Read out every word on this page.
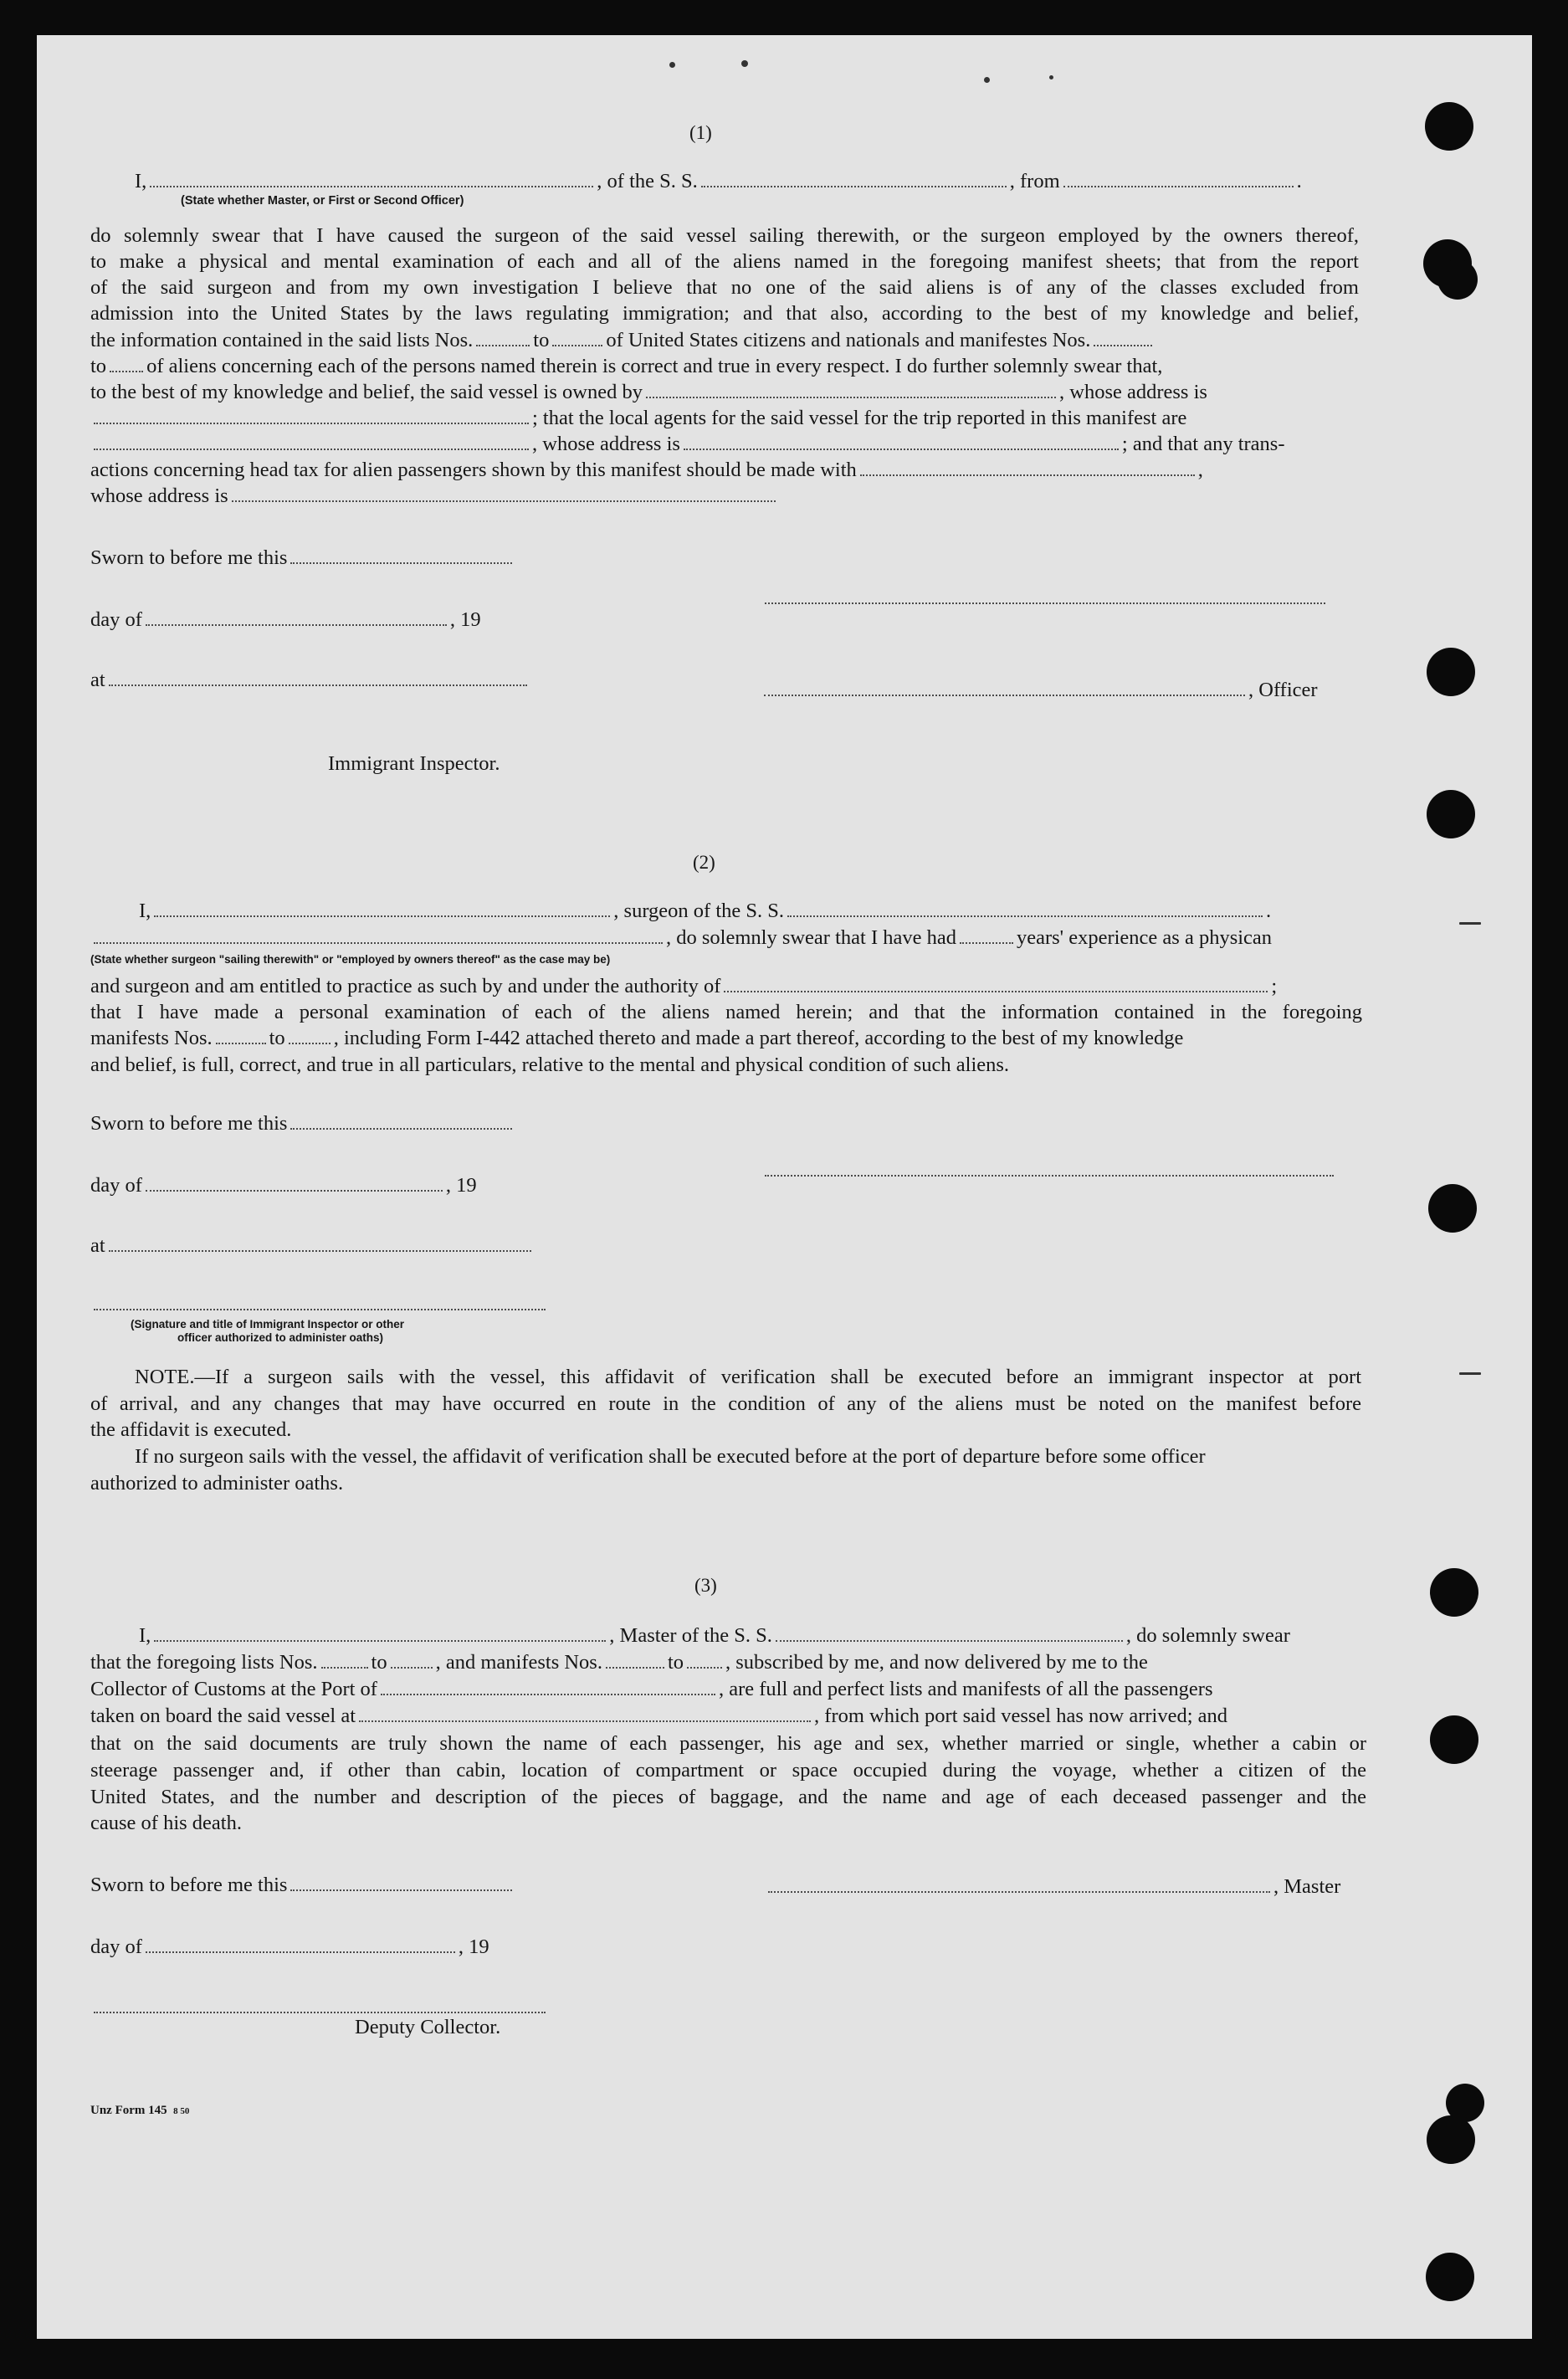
(1)
I,	, of the S. S.	, from	.
(State whether Master, or First or Second Officer)
do solemnly swear that I have caused the surgeon of the said vessel sailing therewith, or the surgeon employed by the owners thereof,
to make a physical and mental examination of each and all of the aliens named in the foregoing manifest sheets; that from the report
of the said surgeon and from my own investigation I believe that no one of the said aliens is of any of the classes excluded from
admission into the United States by the laws regulating immigration; and that also, according to the best of my knowledge and belief,
the information contained in the said lists Nos.	to	of United States citizens and nationals and manifestes Nos.
to of aliens concerning each of the persons named therein is correct and true in every respect. I do further solemnly swear that,
to the best of my knowledge and belief, the said vessel is owned by	, whose address is
; that the local agents for the said vessel for the trip reported in this manifest are
, whose address is	; and that any trans-
actions concerning head tax for alien passengers shown by this manifest should be made with	,
whose address is
Sworn to before me this
day of	, 19
at	, Officer
Immigrant Inspector.
(2)
I,	, surgeon of the S. S.	.
, do solemnly swear that I have had	years' experience as a physican
(State whether surgeon "sailing therewith" or "employed by owners thereof" as the case may be)
and surgeon and am entitled to practice as such by and under the authority of	;
that I have made a personal examination of each of the aliens named herein; and that the information contained in the foregoing
manifests Nos.	to , including Form I-442 attached thereto and made a part thereof, according to the best of my knowledge
and belief, is full, correct, and true in all particulars, relative to the mental and physical condition of such aliens.
Sworn to before me this
day of	, 19
at
(Signature and title of Immigrant Inspector or other
officer authorized to administer oaths)
NOTE.—If a surgeon sails with the vessel, this affidavit of verification shall be executed before an immigrant inspector at port
of arrival, and any changes that may have occurred en route in the condition of any of the aliens must be noted on the manifest before
the affidavit is executed.
If no surgeon sails with the vessel, the affidavit of verification shall be executed before at the port of departure before some officer
authorized to administer oaths.
(3)
I,	, Master of the S. S.	, do solemnly swear
that the foregoing lists Nos.	to , and manifests Nos.	to , subscribed by me, and now delivered by me to the
Collector of Customs at the Port of	, are full and perfect lists and manifests of all the passengers
taken on board the said vessel at	, from which port said vessel has now arrived; and
that on the said documents are truly shown the name of each passenger, his age and sex, whether married or single, whether a cabin or
steerage passenger and, if other than cabin, location of compartment or space occupied during the voyage, whether a citizen of the
United States, and the number and description of the pieces of baggage, and the name and age of each deceased passenger and the
cause of his death.
Sworn to before me this	, Master
day of	, 19
Deputy Collector.
Unz Form 145 8 50
